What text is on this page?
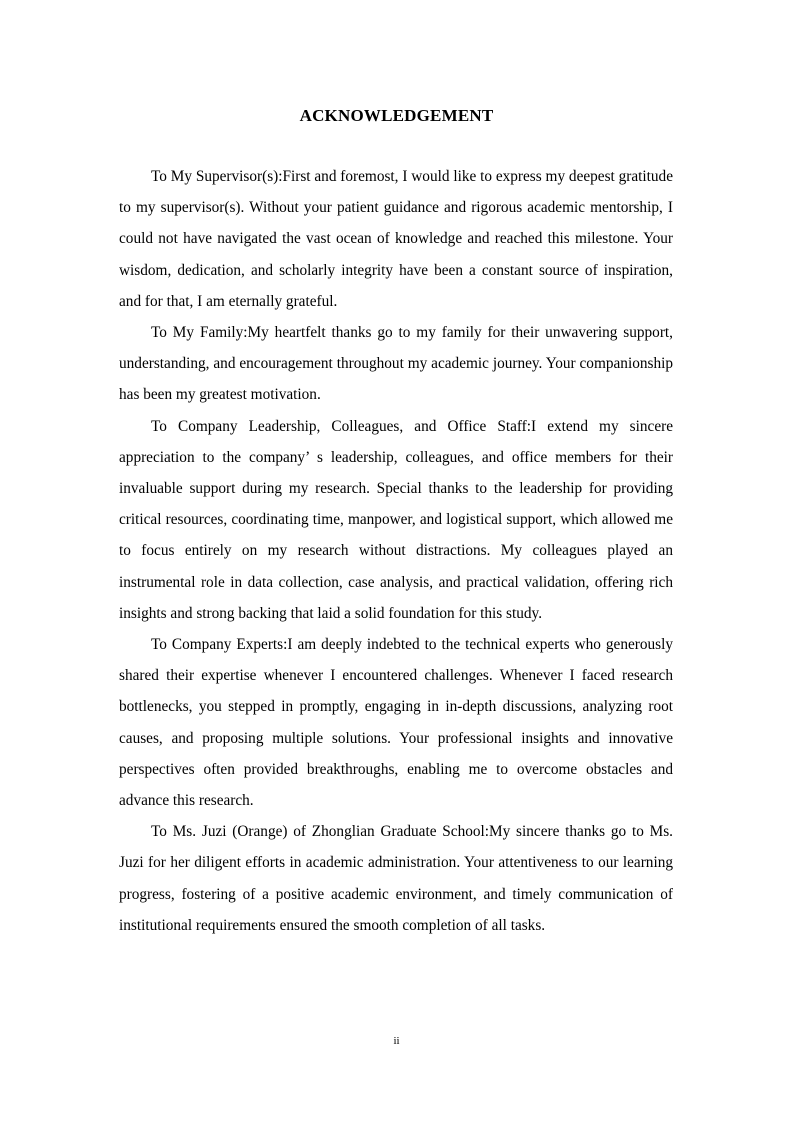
ACKNOWLEDGEMENT

To My Supervisor(s):First and foremost, I would like to express my deepest gratitude to my supervisor(s). Without your patient guidance and rigorous academic mentorship, I could not have navigated the vast ocean of knowledge and reached this milestone. Your wisdom, dedication, and scholarly integrity have been a constant source of inspiration, and for that, I am eternally grateful.

To My Family:My heartfelt thanks go to my family for their unwavering support, understanding, and encouragement throughout my academic journey. Your companionship has been my greatest motivation.

To Company Leadership, Colleagues, and Office Staff:I extend my sincere appreciation to the company’ s leadership, colleagues, and office members for their invaluable support during my research. Special thanks to the leadership for providing critical resources, coordinating time, manpower, and logistical support, which allowed me to focus entirely on my research without distractions. My colleagues played an instrumental role in data collection, case analysis, and practical validation, offering rich insights and strong backing that laid a solid foundation for this study.

To Company Experts:I am deeply indebted to the technical experts who generously shared their expertise whenever I encountered challenges. Whenever I faced research bottlenecks, you stepped in promptly, engaging in in-depth discussions, analyzing root causes, and proposing multiple solutions. Your professional insights and innovative perspectives often provided breakthroughs, enabling me to overcome obstacles and advance this research.

To Ms. Juzi (Orange) of Zhonglian Graduate School:My sincere thanks go to Ms. Juzi for her diligent efforts in academic administration. Your attentiveness to our learning progress, fostering of a positive academic environment, and timely communication of institutional requirements ensured the smooth completion of all tasks.

ii
